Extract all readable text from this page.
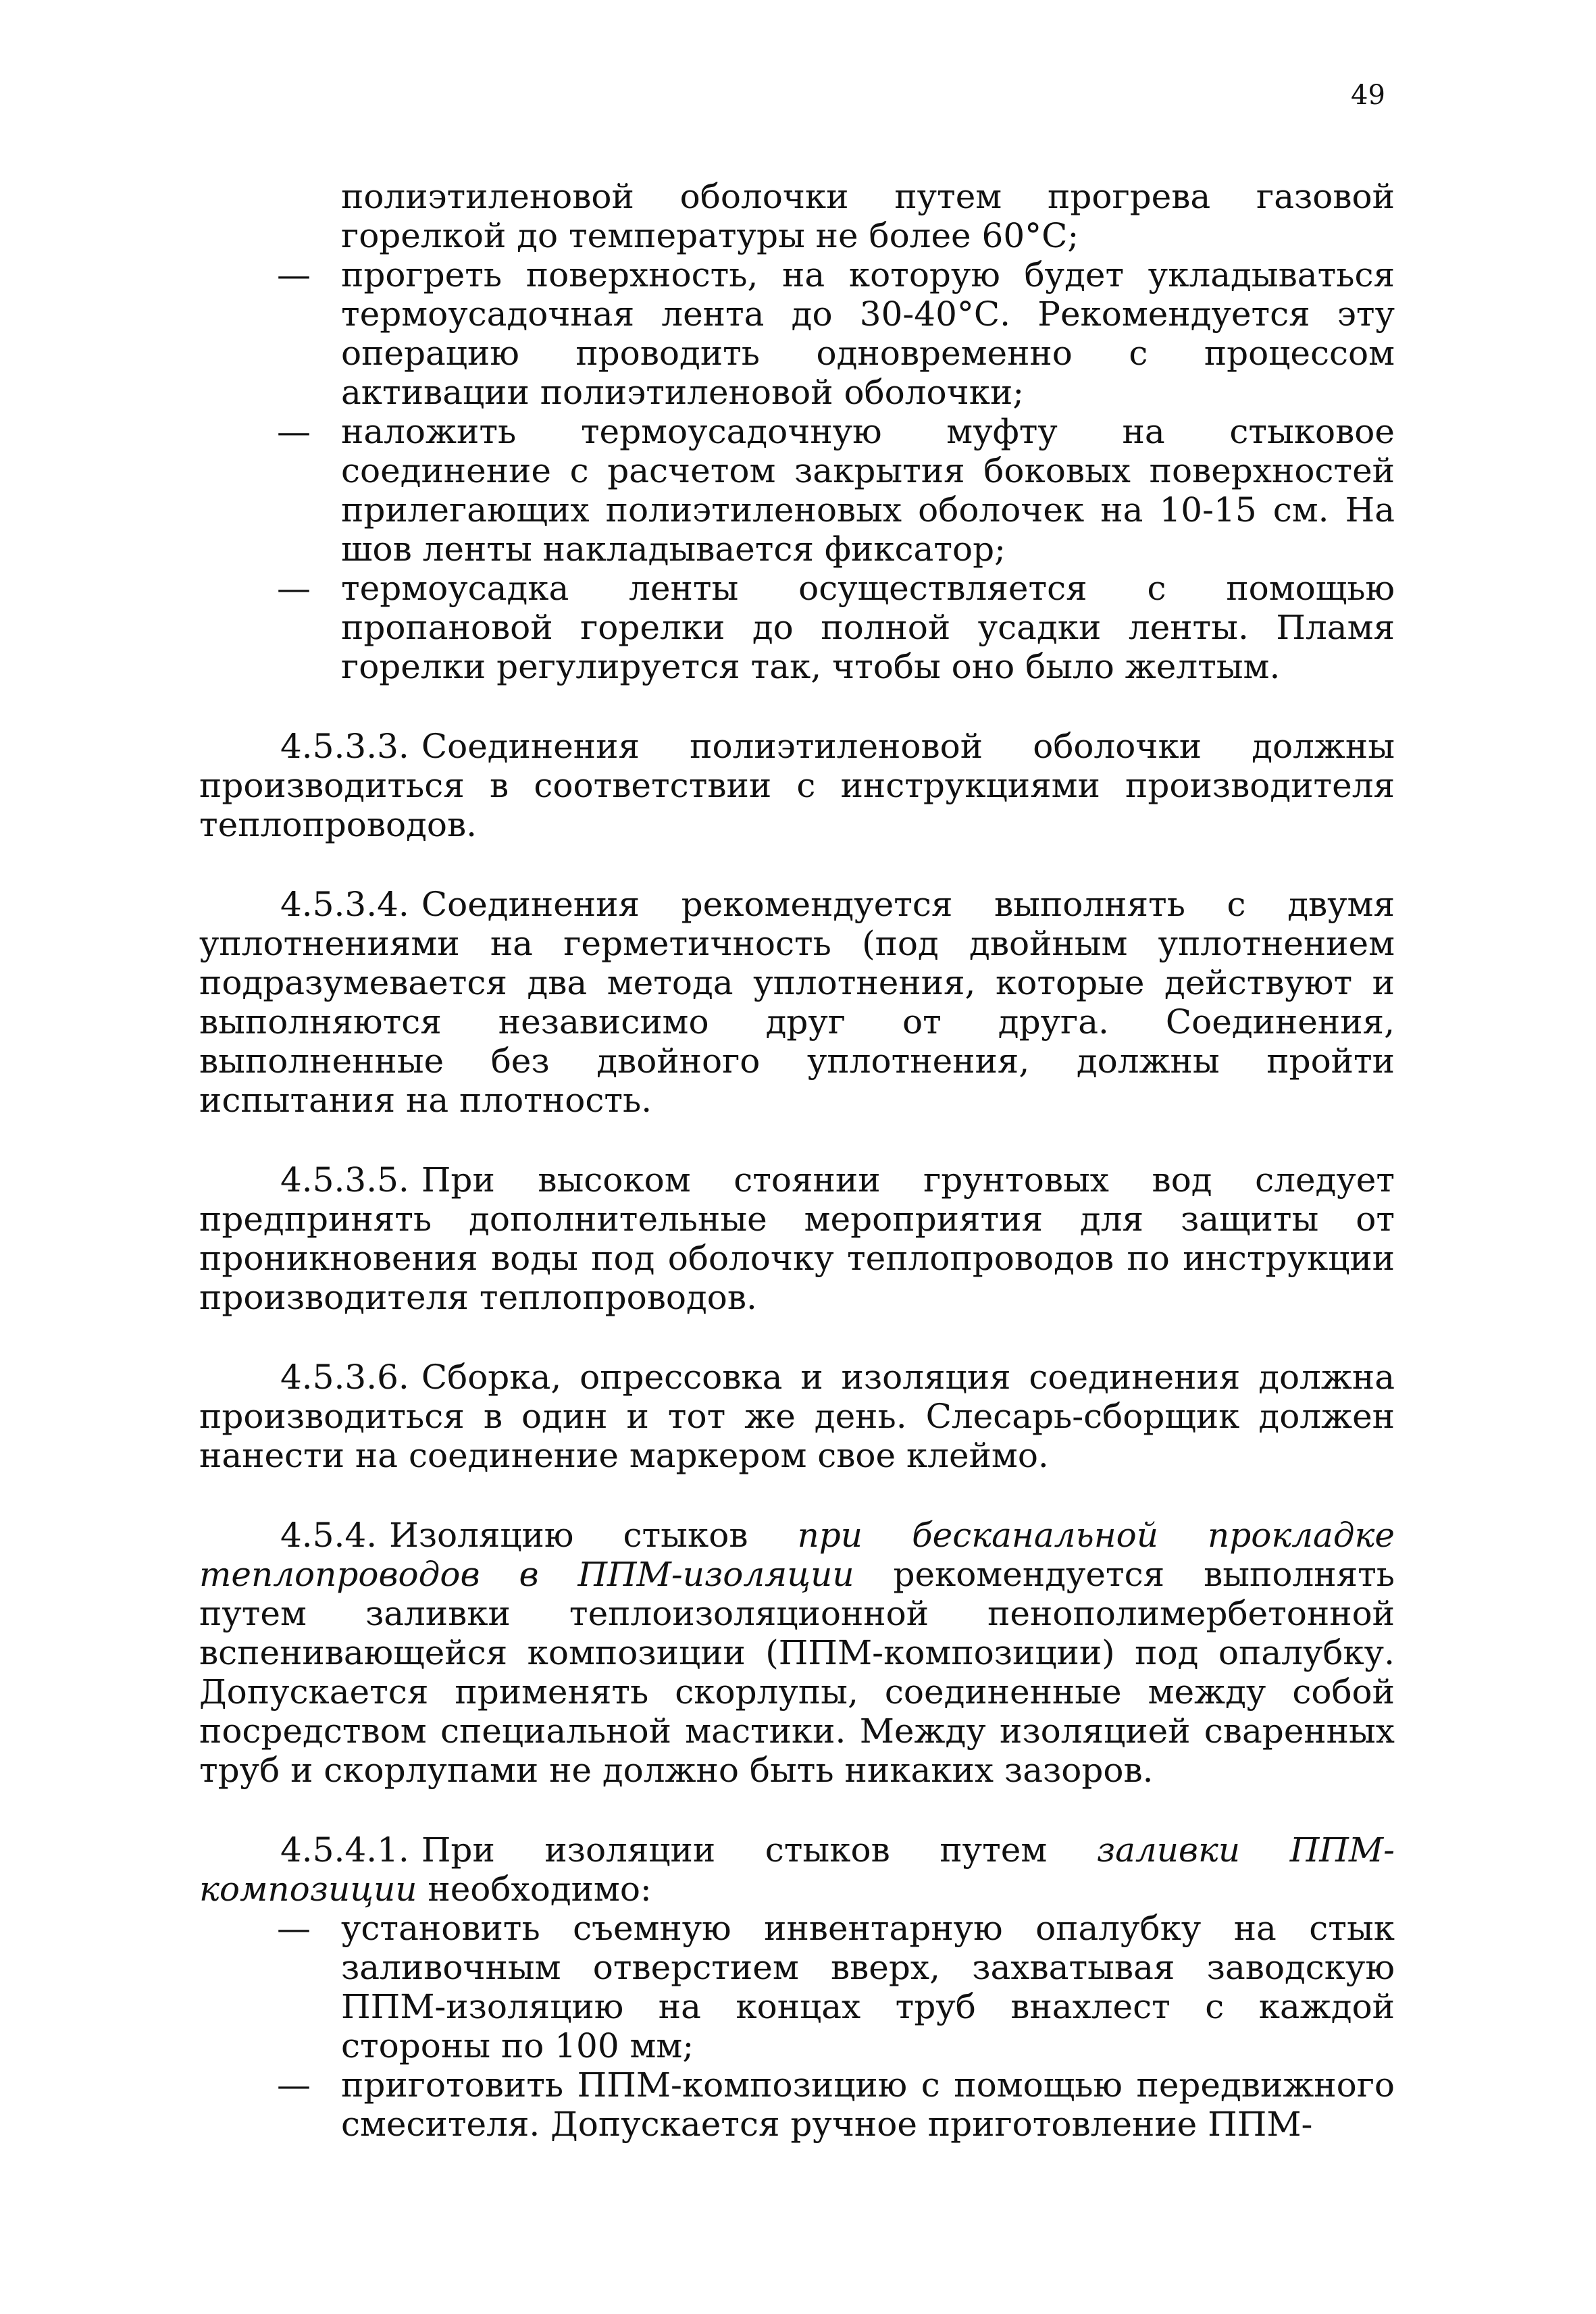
49

полиэтиленовой оболочки путем прогрева газовой горелкой до температуры не более 60°С;

— прогреть поверхность, на которую будет укладываться термоусадочная лента до 30-40°С. Рекомендуется эту операцию проводить одновременно с процессом активации полиэтиленовой оболочки;
— наложить термоусадочную муфту на стыковое соединение с расчетом закрытия боковых поверхностей прилегающих полиэтиленовых оболочек на 10-15 см. На шов ленты накладывается фиксатор;
— термоусадка ленты осуществляется с помощью пропановой горелки до полной усадки ленты. Пламя горелки регулируется так, чтобы оно было желтым.

4.5.3.3. Соединения полиэтиленовой оболочки должны производиться в соответствии с инструкциями производителя теплопроводов.

4.5.3.4. Соединения рекомендуется выполнять с двумя уплотнениями на герметичность (под двойным уплотнением подразумевается два метода уплотнения, которые действуют и выполняются независимо друг от друга. Соединения, выполненные без двойного уплотнения, должны пройти испытания на плотность.

4.5.3.5. При высоком стоянии грунтовых вод следует предпринять дополнительные мероприятия для защиты от проникновения воды под оболочку теплопроводов по инструкции производителя теплопроводов.

4.5.3.6. Сборка, опрессовка и изоляция соединения должна производиться в один и тот же день. Слесарь-сборщик должен нанести на соединение маркером свое клеймо.

4.5.4. Изоляцию стыков при бесканальной прокладке теплопроводов в ППМ-изоляции рекомендуется выполнять путем заливки теплоизоляционной пенополимербетонной вспенивающейся композиции (ППМ-композиции) под опалубку. Допускается применять скорлупы, соединенные между собой посредством специальной мастики. Между изоляцией сваренных труб и скорлупами не должно быть никаких зазоров.

4.5.4.1. При изоляции стыков путем заливки ППМ-композиции необходимо:

— установить съемную инвентарную опалубку на стык заливочным отверстием вверх, захватывая заводскую ППМ-изоляцию на концах труб внахлест с каждой стороны по 100 мм;
— приготовить ППМ-композицию с помощью передвижного смесителя. Допускается ручное приготовление ППМ-
